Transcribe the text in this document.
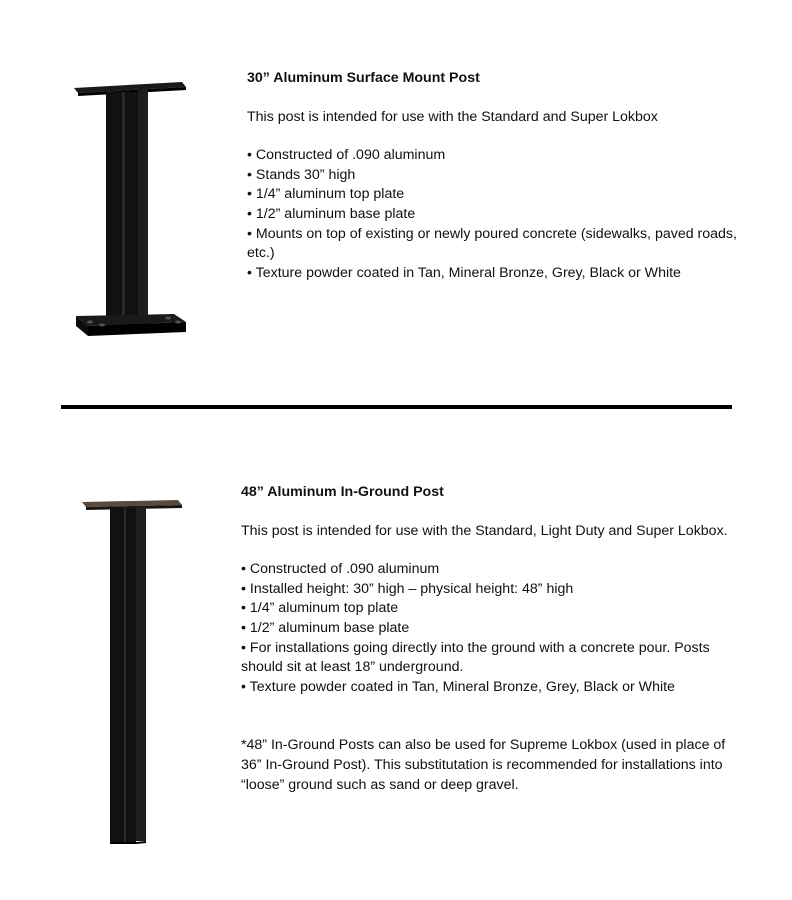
30” Aluminum Surface Mount Post
This post is intended for use with the Standard and Super Lokbox
• Constructed of .090 aluminum
• Stands 30” high
• 1/4” aluminum top plate
• 1/2” aluminum base plate
• Mounts on top of existing or newly poured concrete (sidewalks, paved roads, etc.)
• Texture powder coated in Tan, Mineral Bronze, Grey, Black or White
48” Aluminum In-Ground Post
This post is intended for use with the Standard, Light Duty and Super Lokbox.
• Constructed of .090 aluminum
• Installed height: 30” high – physical height: 48” high
• 1/4” aluminum top plate
• 1/2” aluminum base plate
• For installations going directly into the ground with a concrete pour. Posts should sit at least 18” underground.
• Texture powder coated in Tan, Mineral Bronze, Grey, Black or White
*48” In-Ground Posts can also be used for Supreme Lokbox (used in place of 36” In-Ground Post). This substitutation is recommended for installations into “loose” ground such as sand or deep gravel.
